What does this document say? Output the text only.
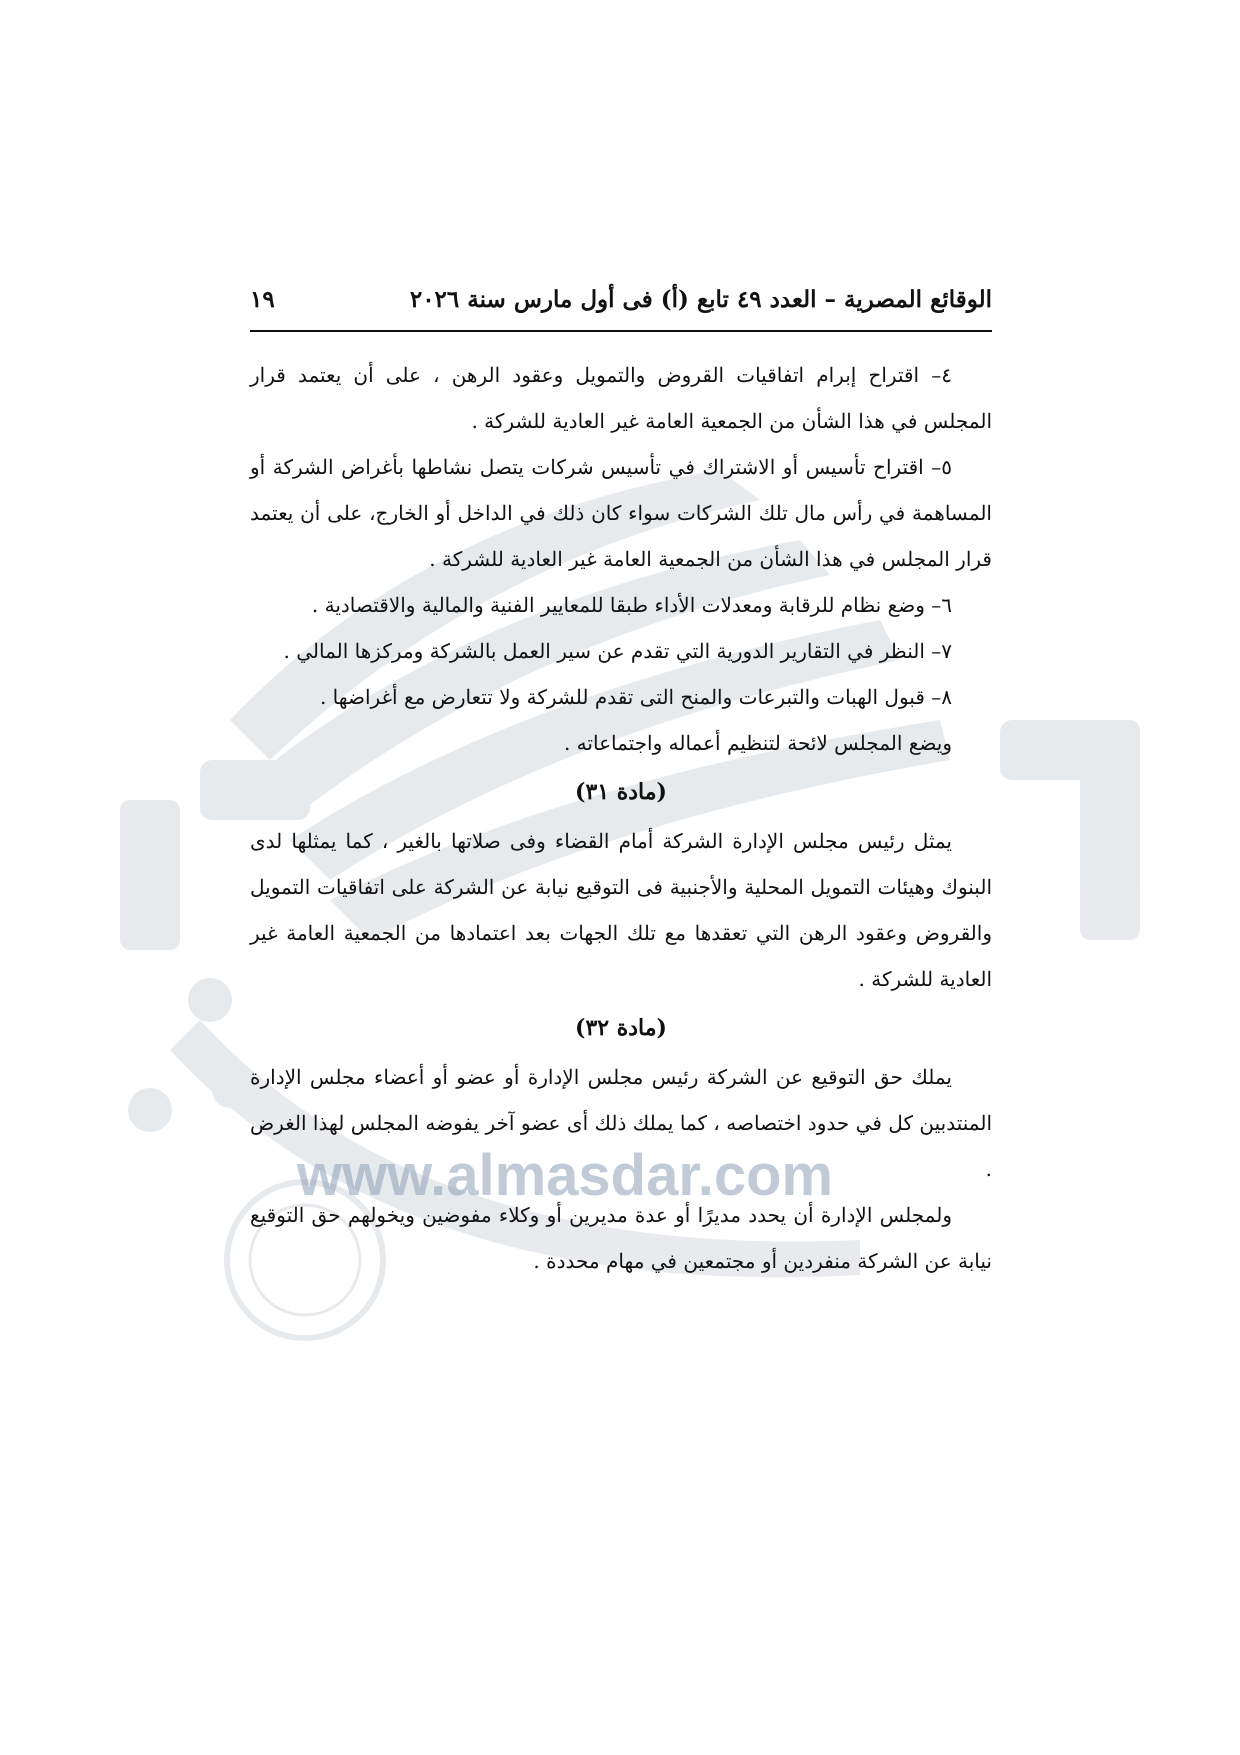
www.almasdar.com
الوقائع المصرية – العدد ٤٩ تابع (أ) فى أول مارس سنة ٢٠٢٦
١٩

٤– اقتراح إبرام اتفاقيات القروض والتمويل وعقود الرهن ، على أن يعتمد قرار المجلس في هذا الشأن من الجمعية العامة غير العادية للشركة .

٥– اقتراح تأسيس أو الاشتراك في تأسيس شركات يتصل نشاطها بأغراض الشركة أو المساهمة في رأس مال تلك الشركات سواء كان ذلك في الداخل أو الخارج، على أن يعتمد قرار المجلس في هذا الشأن من الجمعية العامة غير العادية للشركة .

٦– وضع نظام للرقابة ومعدلات الأداء طبقا للمعايير الفنية والمالية والاقتصادية .

٧– النظر في التقارير الدورية التي تقدم عن سير العمل بالشركة ومركزها المالي .

٨– قبول الهبات والتبرعات والمنح التى تقدم للشركة ولا تتعارض مع أغراضها .

ويضع المجلس لائحة لتنظيم أعماله واجتماعاته .

(مادة ٣١)

يمثل رئيس مجلس الإدارة الشركة أمام القضاء وفى صلاتها بالغير ، كما يمثلها لدى البنوك وهيئات التمويل المحلية والأجنبية فى التوقيع نيابة عن الشركة على اتفاقيات التمويل والقروض وعقود الرهن التي تعقدها مع تلك الجهات بعد اعتمادها من الجمعية العامة غير العادية للشركة .

(مادة ٣٢)

يملك حق التوقيع عن الشركة رئيس مجلس الإدارة أو عضو أو أعضاء مجلس الإدارة المنتدبين كل في حدود اختصاصه ، كما يملك ذلك أى عضو آخر يفوضه المجلس لهذا الغرض .

ولمجلس الإدارة أن يحدد مديرًا أو عدة مديرين أو وكلاء مفوضين ويخولهم حق التوقيع نيابة عن الشركة منفردين أو مجتمعين في مهام محددة .
